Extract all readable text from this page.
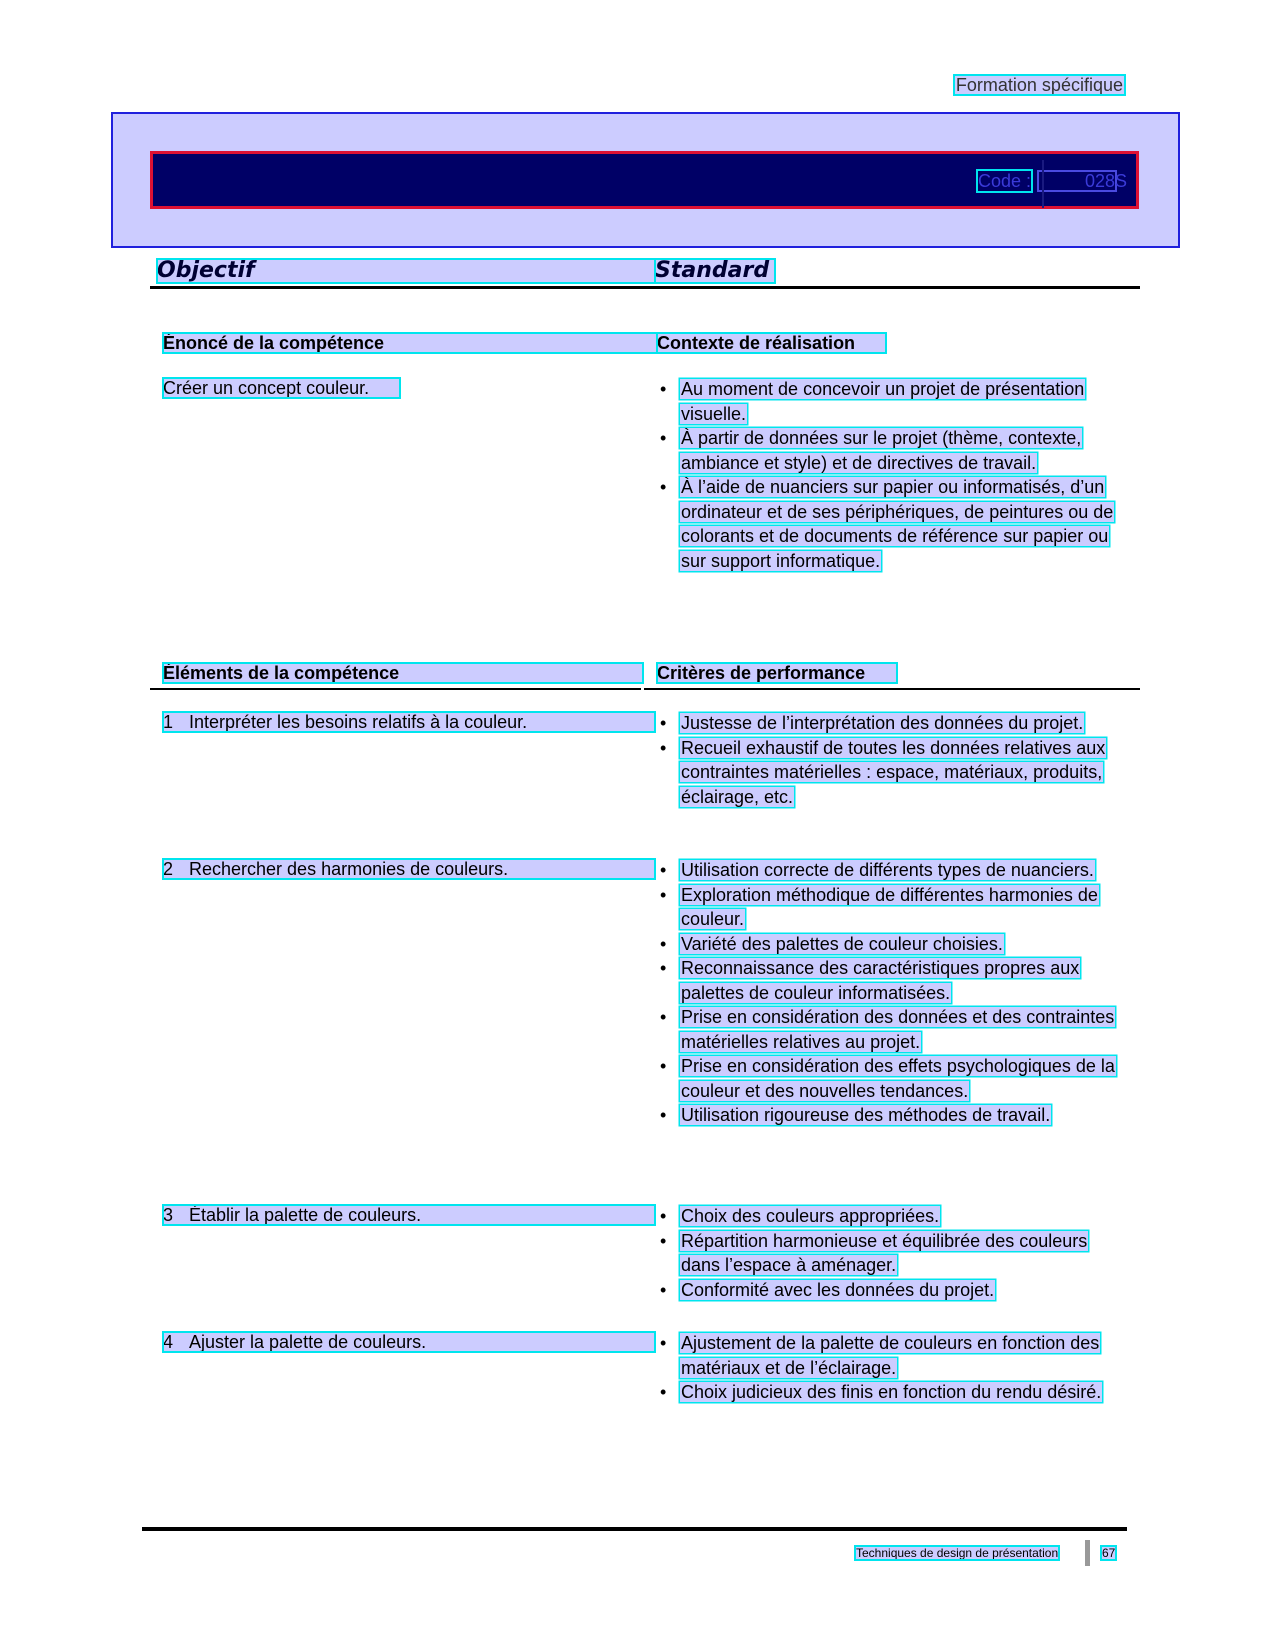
Formation spécifique
Code :	028S
Objectif	Standard
Énoncé de la compétence	Contexte de réalisation
Créer un concept couleur.	• Au moment de concevoir un projet de présentation visuelle.
• À partir de données sur le projet (thème, contexte, ambiance et style) et de directives de travail.
• À l’aide de nuanciers sur papier ou informatisés, d’un ordinateur et de ses périphériques, de peintures ou de colorants et de documents de référence sur papier ou sur support informatique.
Éléments de la compétence	Critères de performance
1 Interpréter les besoins relatifs à la couleur.	• Justesse de l’interprétation des données du projet.
• Recueil exhaustif de toutes les données relatives aux contraintes matérielles : espace, matériaux, produits, éclairage, etc.
2 Rechercher des harmonies de couleurs.	• Utilisation correcte de différents types de nuanciers.
• Exploration méthodique de différentes harmonies de couleur.
• Variété des palettes de couleur choisies.
• Reconnaissance des caractéristiques propres aux palettes de couleur informatisées.
• Prise en considération des données et des contraintes matérielles relatives au projet.
• Prise en considération des effets psychologiques de la couleur et des nouvelles tendances.
• Utilisation rigoureuse des méthodes de travail.
3 Établir la palette de couleurs.	• Choix des couleurs appropriées.
• Répartition harmonieuse et équilibrée des couleurs dans l’espace à aménager.
• Conformité avec les données du projet.
4 Ajuster la palette de couleurs.	• Ajustement de la palette de couleurs en fonction des matériaux et de l’éclairage.
• Choix judicieux des finis en fonction du rendu désiré.
Techniques de design de présentation	67
